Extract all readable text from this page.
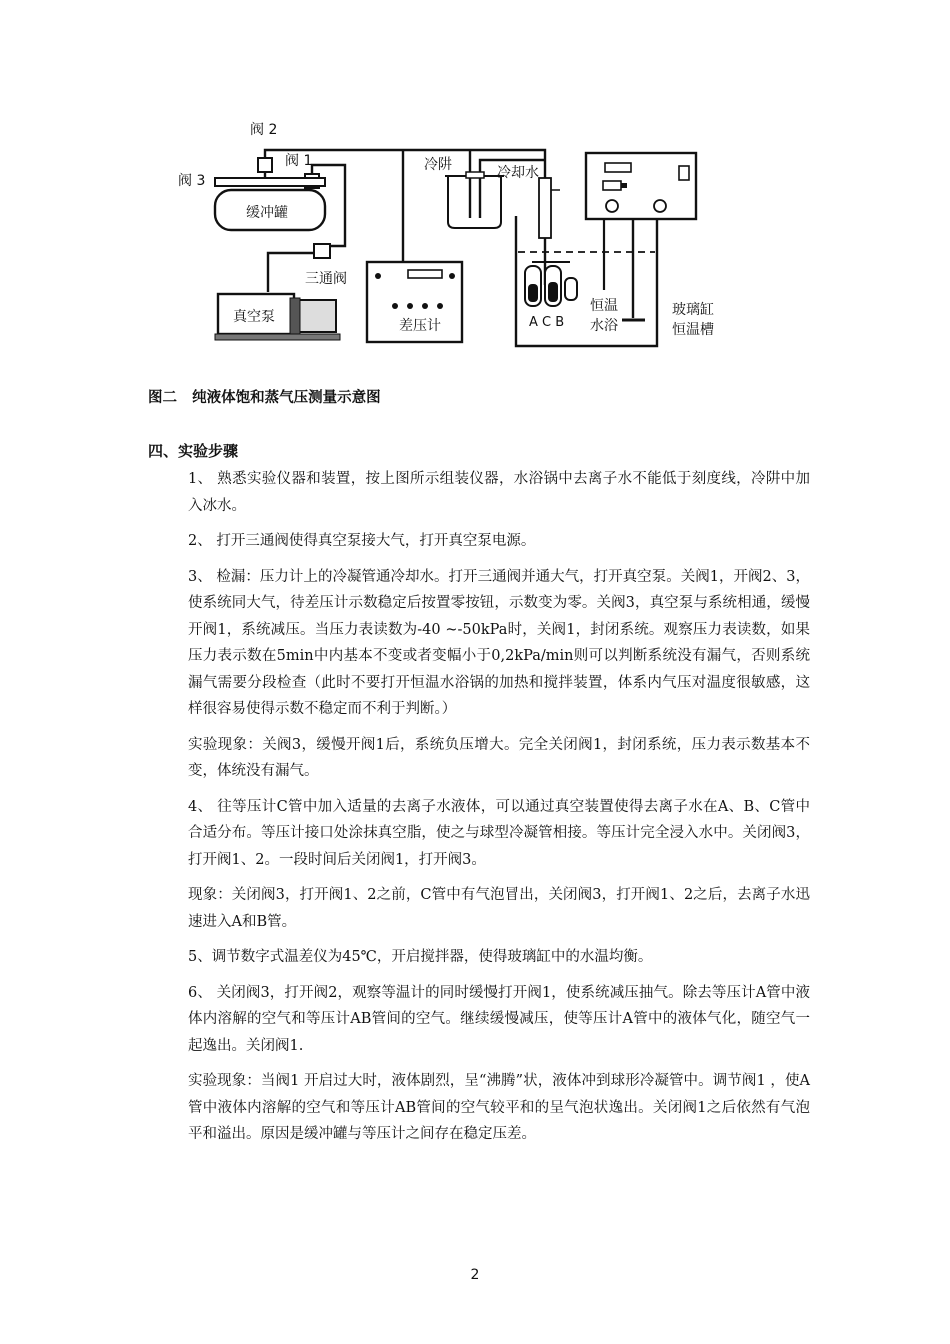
阀 3
阀 2
阀 1
缓冲罐
三通阀
真空泵
差压计
冷阱	冷却水
A C B
恒温
水浴
玻璃缸
恒温槽
图二   纯液体饱和蒸气压测量示意图
四、实验步骤

1、 熟悉实验仪器和装置，按上图所示组装仪器，水浴锅中去离子水不能低于刻度线，冷阱中加入冰水。

2、 打开三通阀使得真空泵接大气，打开真空泵电源。

3、 检漏：压力计上的冷凝管通冷却水。打开三通阀并通大气，打开真空泵。关阀1，开阀2、3，使系统同大气，待差压计示数稳定后按置零按钮，示数变为零。关阀3，真空泵与系统相通，缓慢开阀1，系统减压。当压力表读数为-40 ~-50kPa时，关阀1，封闭系统。观察压力表读数，如果压力表示数在5min中内基本不变或者变幅小于0,2kPa/min则可以判断系统没有漏气，否则系统漏气需要分段检查（此时不要打开恒温水浴锅的加热和搅拌装置，体系内气压对温度很敏感，这样很容易使得示数不稳定而不利于判断。）

实验现象：关阀3，缓慢开阀1后，系统负压增大。完全关闭阀1，封闭系统，压力表示数基本不变，体统没有漏气。

4、 往等压计C管中加入适量的去离子水液体，可以通过真空装置使得去离子水在A、B、C管中合适分布。等压计接口处涂抹真空脂，使之与球型冷凝管相接。等压计完全浸入水中。关闭阀3，打开阀1、2。一段时间后关闭阀1，打开阀3。

现象：关闭阀3，打开阀1、2之前，C管中有气泡冒出，关闭阀3，打开阀1、2之后，去离子水迅速进入A和B管。

5、调节数字式温差仪为45℃，开启搅拌器，使得玻璃缸中的水温均衡。

6、 关闭阀3，打开阀2，观察等温计的同时缓慢打开阀1，使系统减压抽气。除去等压计A管中液体内溶解的空气和等压计AB管间的空气。继续缓慢减压，使等压计A管中的液体气化，随空气一起逸出。关闭阀1.

实验现象：当阀1 开启过大时，液体剧烈，呈“沸腾”状，液体冲到球形冷凝管中。调节阀1 ，使A管中液体内溶解的空气和等压计AB管间的空气较平和的呈气泡状逸出。关闭阀1之后依然有气泡平和溢出。原因是缓冲罐与等压计之间存在稳定压差。

2
